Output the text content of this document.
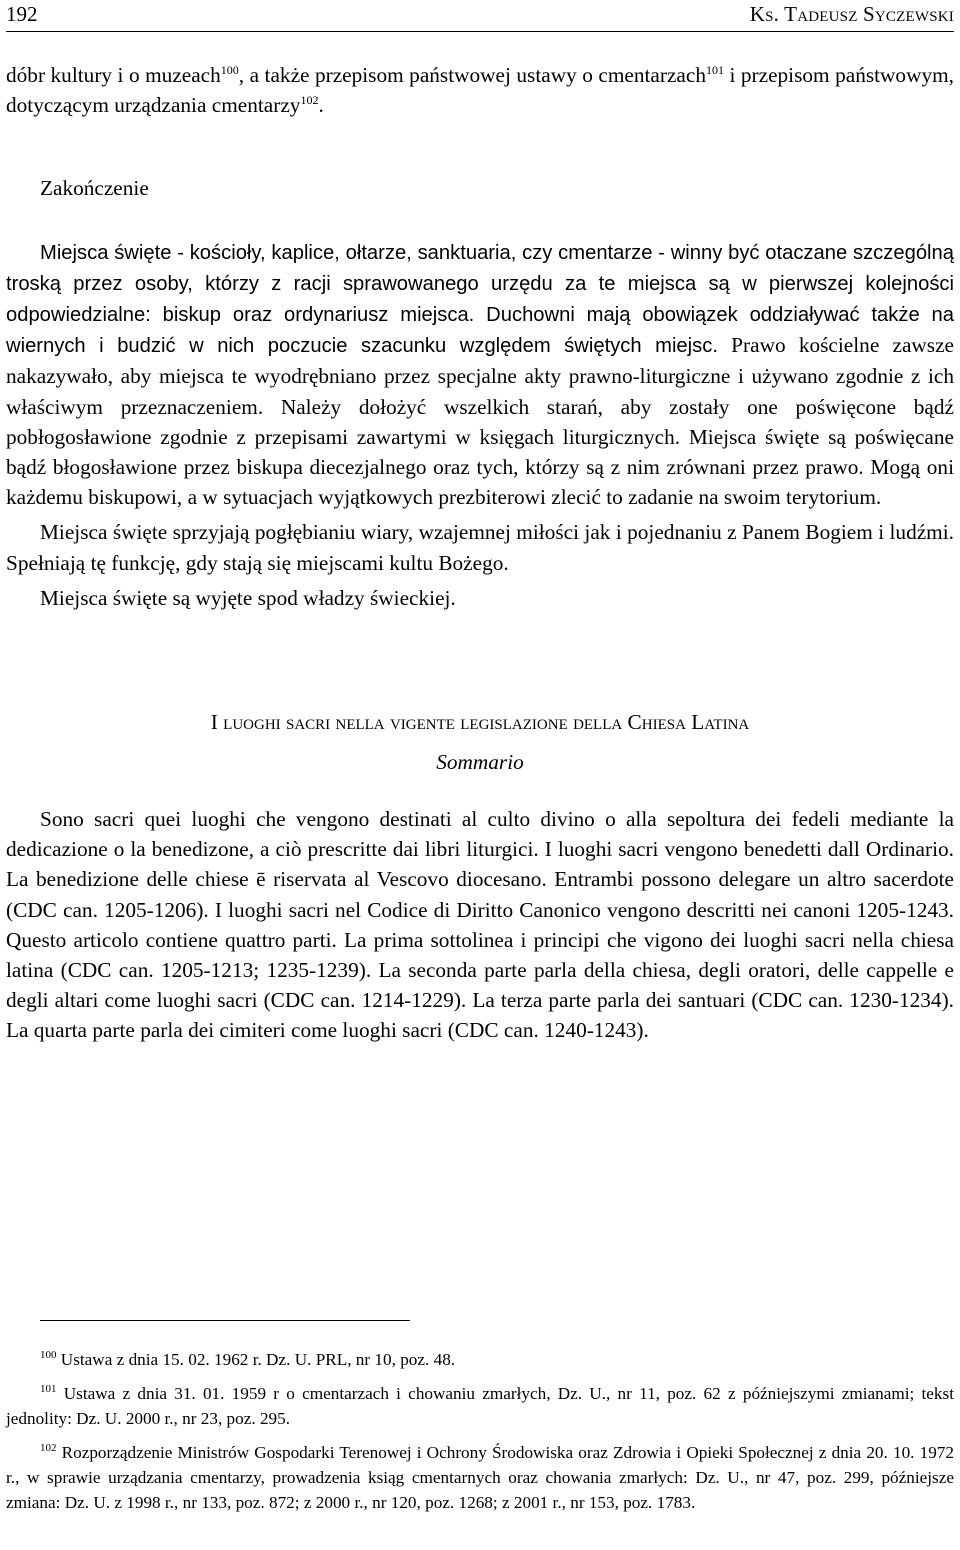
192	Ks. Tadeusz Syczewski

dóbr kultury i o muzeach$^{100}$, a także przepisom państwowej ustawy o cmentarzach$^{101}$ i przepisom państwowym, dotyczącym urządzania cmentarzy$^{102}$.

Zakończenie

Miejsca święte - kościoły, kaplice, ołtarze, sanktuaria, czy cmentarze - winny być otaczane szczególną troską przez osoby, którzy z racji sprawowanego urzędu za te miejsca są w pierwszej kolejności odpowiedzialne: biskup oraz ordynariusz miejsca. Duchowni mają obowiązek oddziaływać także na wiernych i budzić w nich poczucie szacunku względem świętych miejsc. Prawo kościelne zawsze nakazywało, aby miejsca te wyodrębniano przez specjalne akty prawno-liturgiczne i używano zgodnie z ich właściwym przeznaczeniem. Należy dołożyć wszelkich starań, aby zostały one poświęcone bądź pobłogosławione zgodnie z przepisami zawartymi w księgach liturgicznych. Miejsca święte są poświęcane bądź błogosławione przez biskupa diecezjalnego oraz tych, którzy są z nim zrównani przez prawo. Mogą oni każdemu biskupowi, a w sytuacjach wyjątkowych prezbiterowi zlecić to zadanie na swoim terytorium.

Miejsca święte sprzyjają pogłębianiu wiary, wzajemnej miłości jak i pojednaniu z Panem Bogiem i ludźmi. Spełniają tę funkcję, gdy stają się miejscami kultu Bożego.

Miejsca święte są wyjęte spod władzy świeckiej.

I luoghi sacri nella vigente legislazione della Chiesa Latina
Sommario

Sono sacri quei luoghi che vengono destinati al culto divino o alla sepoltura dei fedeli mediante la dedicazione o la benedizone, a ciò prescritte dai libri liturgici. I luoghi sacri vengono benedetti dall Ordinario. La benedizione delle chiese ē riservata al Vescovo diocesano. Entrambi possono delegare un altro sacerdote (CDC can. 1205-1206). I luoghi sacri nel Codice di Diritto Canonico vengono descritti nei canoni 1205-1243. Questo articolo contiene quattro parti. La prima sottolinea i principi che vigono dei luoghi sacri nella chiesa latina (CDC can. 1205-1213; 1235-1239). La seconda parte parla della chiesa, degli oratori, delle cappelle e degli altari come luoghi sacri (CDC can. 1214-1229). La terza parte parla dei santuari (CDC can. 1230-1234). La quarta parte parla dei cimiteri come luoghi sacri (CDC can. 1240-1243).

$^{100}$ Ustawa z dnia 15. 02. 1962 r. Dz. U. PRL, nr 10, poz. 48.

$^{101}$ Ustawa z dnia 31. 01. 1959 r o cmentarzach i chowaniu zmarłych, Dz. U., nr 11, poz. 62 z późniejszymi zmianami; tekst jednolity: Dz. U. 2000 r., nr 23, poz. 295.

$^{102}$ Rozporządzenie Ministrów Gospodarki Terenowej i Ochrony Środowiska oraz Zdrowia i Opieki Społecznej z dnia 20. 10. 1972 r., w sprawie urządzania cmentarzy, prowadzenia ksiąg cmentarnych oraz chowania zmarłych: Dz. U., nr 47, poz. 299, późniejsze zmiana: Dz. U. z 1998 r., nr 133, poz. 872; z 2000 r., nr 120, poz. 1268; z 2001 r., nr 153, poz. 1783.
